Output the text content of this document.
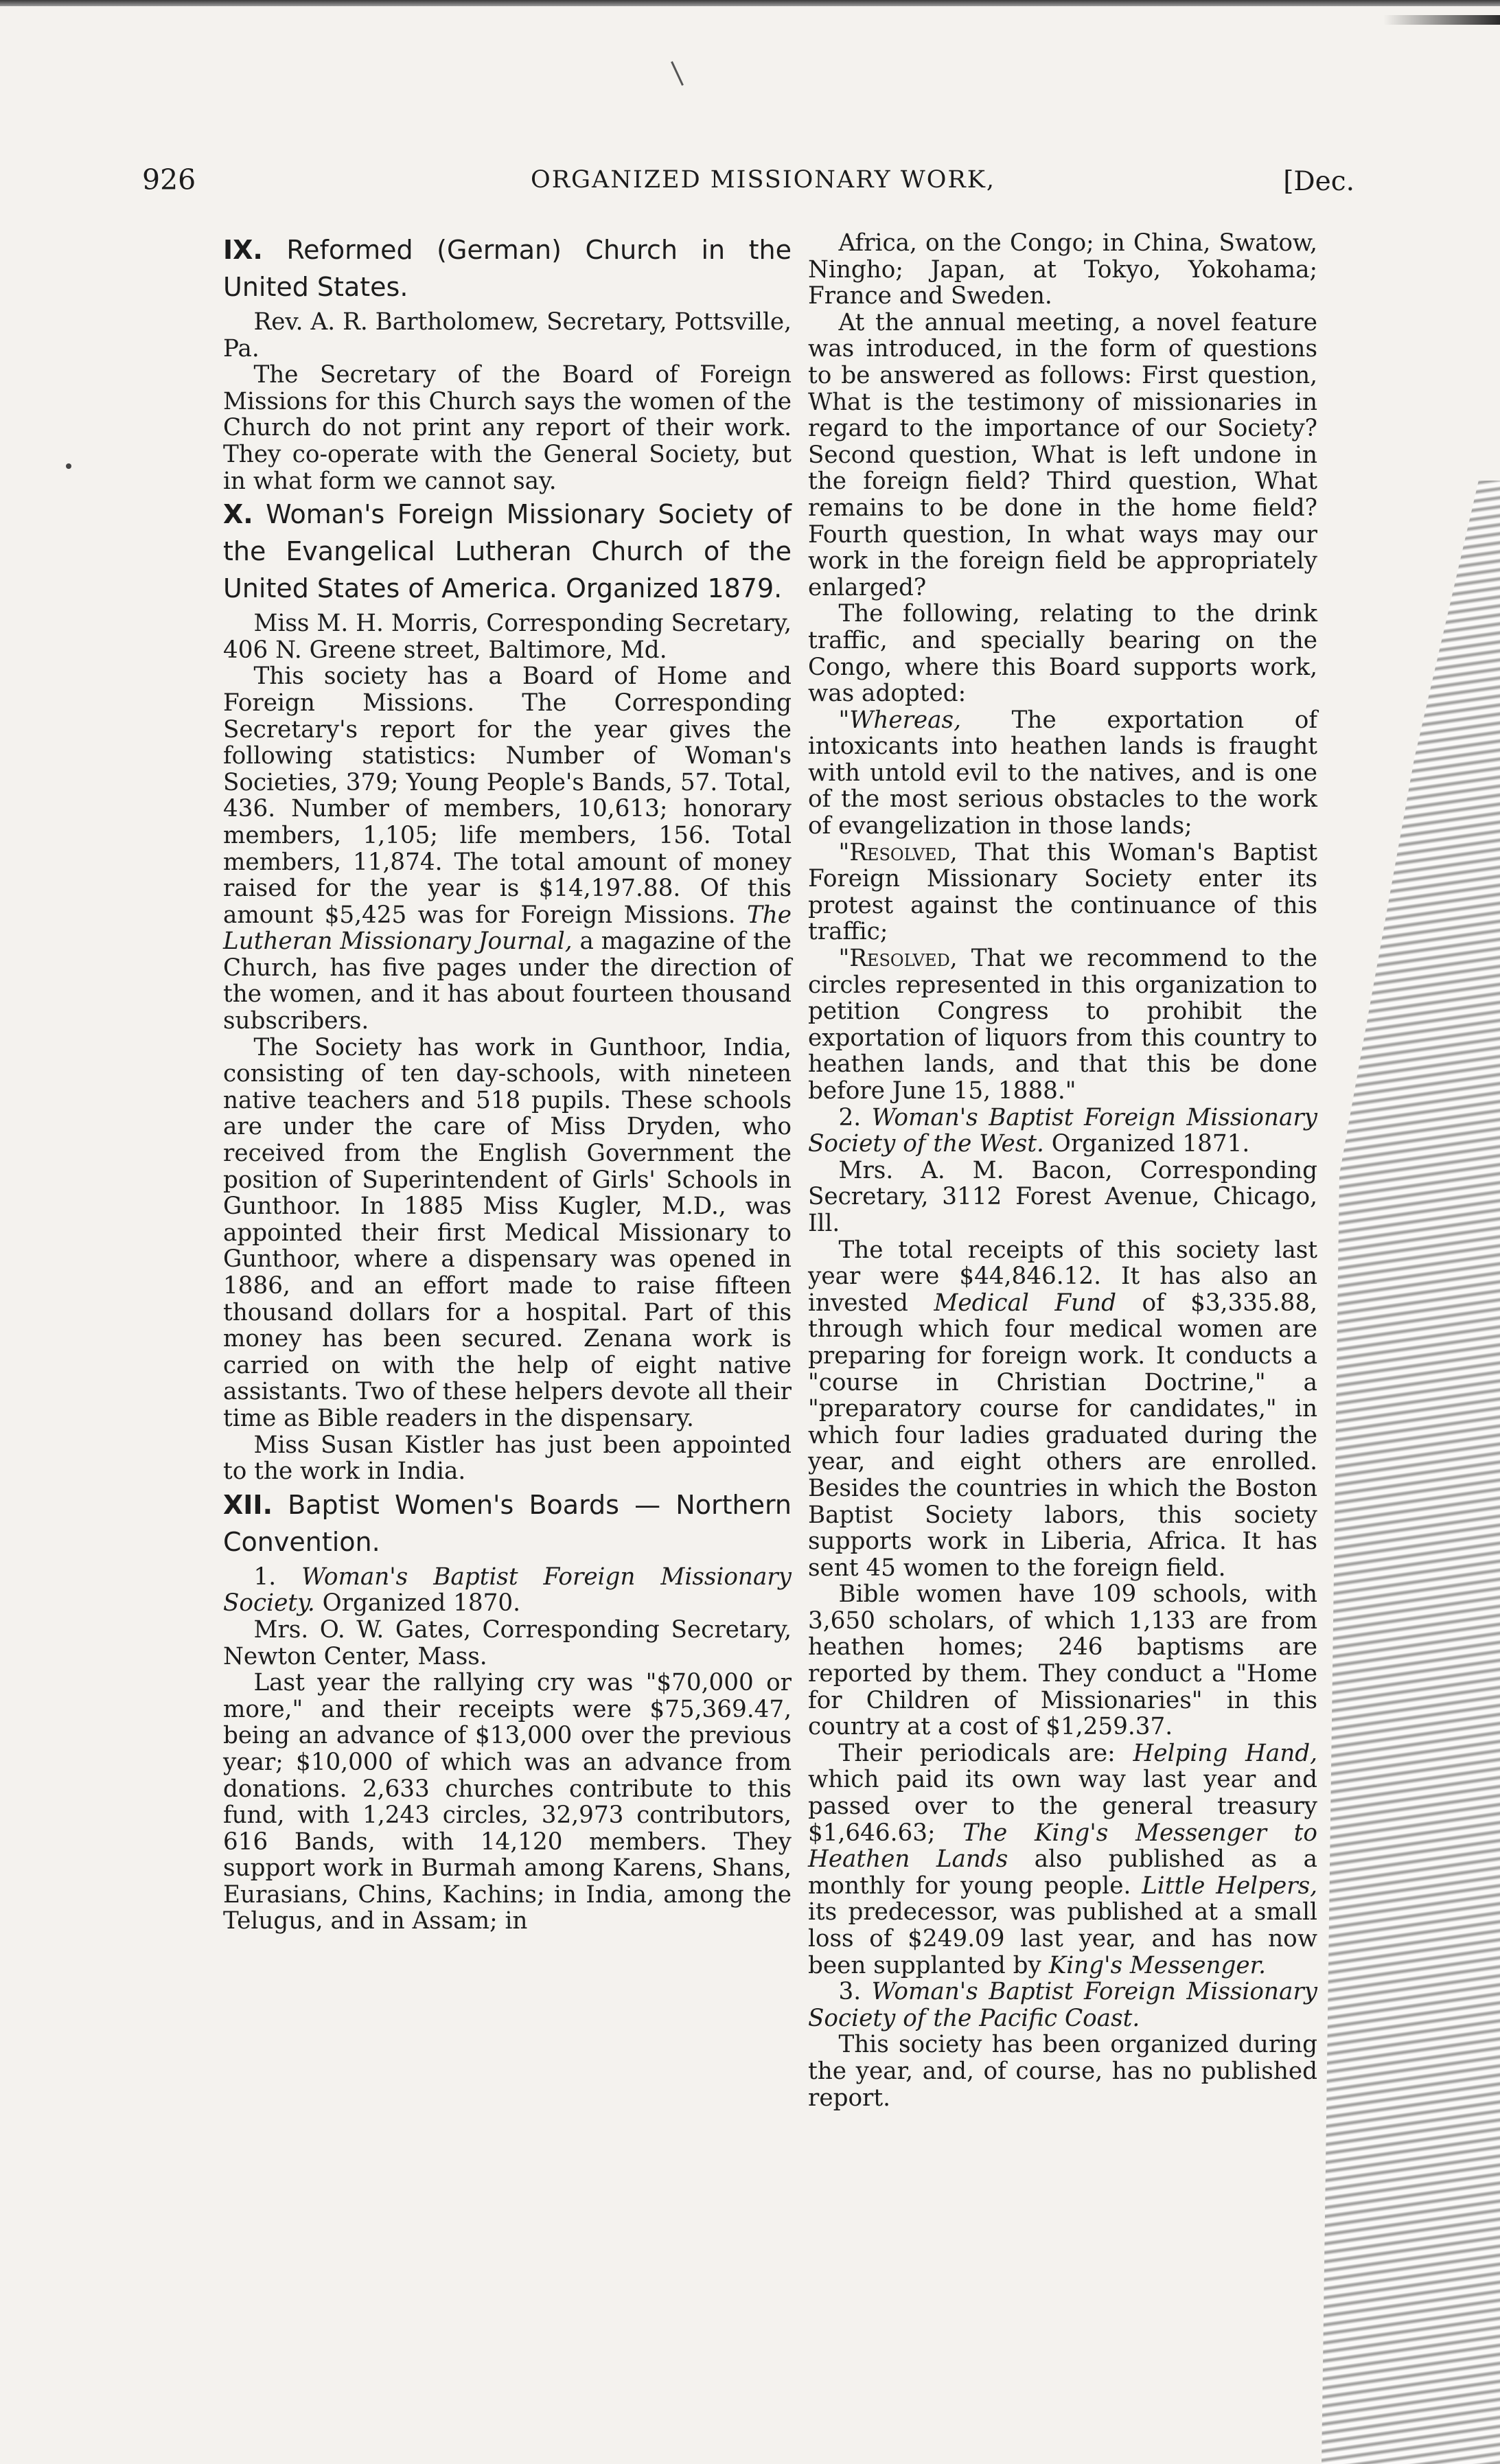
926	ORGANIZED MISSIONARY WORK,	[Dec.
IX. Reformed (German) Church in the United States.

Rev. A. R. Bartholomew, Secretary, Pottsville, Pa.

The Secretary of the Board of Foreign Missions for this Church says the women of the Church do not print any report of their work. They co-operate with the General Society, but in what form we cannot say.

X. Woman's Foreign Missionary Society of the Evangelical Lutheran Church of the United States of America. Organized 1879.

Miss M. H. Morris, Corresponding Secretary, 406 N. Greene street, Baltimore, Md.

This society has a Board of Home and Foreign Missions. The Corresponding Secretary's report for the year gives the following statistics: Number of Woman's Societies, 379; Young People's Bands, 57. Total, 436. Number of members, 10,613; honorary members, 1,105; life members, 156. Total members, 11,874. The total amount of money raised for the year is $14,197.88. Of this amount $5,425 was for Foreign Missions. The Lutheran Missionary Journal, a magazine of the Church, has five pages under the direction of the women, and it has about fourteen thousand subscribers.

The Society has work in Gunthoor, India, consisting of ten day-schools, with nineteen native teachers and 518 pupils. These schools are under the care of Miss Dryden, who received from the English Government the position of Superintendent of Girls' Schools in Gunthoor. In 1885 Miss Kugler, M.D., was appointed their first Medical Missionary to Gunthoor, where a dispensary was opened in 1886, and an effort made to raise fifteen thousand dollars for a hospital. Part of this money has been secured. Zenana work is carried on with the help of eight native assistants. Two of these helpers devote all their time as Bible readers in the dispensary.

Miss Susan Kistler has just been appointed to the work in India.

XII. Baptist Women's Boards — Northern Convention.

1. Woman's Baptist Foreign Missionary Society. Organized 1870.

Mrs. O. W. Gates, Corresponding Secretary, Newton Center, Mass.

Last year the rallying cry was "$70,000 or more," and their receipts were $75,369.47, being an advance of $13,000 over the previous year; $10,000 of which was an advance from donations. 2,633 churches contribute to this fund, with 1,243 circles, 32,973 contributors, 616 Bands, with 14,120 members. They support work in Burmah among Karens, Shans, Eurasians, Chins, Kachins; in India, among the Telugus, and in Assam; in

Africa, on the Congo; in China, Swatow, Ningho; Japan, at Tokyo, Yokohama; France and Sweden.

At the annual meeting, a novel feature was introduced, in the form of questions to be answered as follows: First question, What is the testimony of missionaries in regard to the importance of our Society? Second question, What is left undone in the foreign field? Third question, What remains to be done in the home field? Fourth question, In what ways may our work in the foreign field be appropriately enlarged?

The following, relating to the drink traffic, and specially bearing on the Congo, where this Board supports work, was adopted:

"Whereas, The exportation of intoxicants into heathen lands is fraught with untold evil to the natives, and is one of the most serious obstacles to the work of evangelization in those lands;

"Resolved, That this Woman's Baptist Foreign Missionary Society enter its protest against the continuance of this traffic;

"Resolved, That we recommend to the circles represented in this organization to petition Congress to prohibit the exportation of liquors from this country to heathen lands, and that this be done before June 15, 1888."

2. Woman's Baptist Foreign Missionary Society of the West. Organized 1871.

Mrs. A. M. Bacon, Corresponding Secretary, 3112 Forest Avenue, Chicago, Ill.

The total receipts of this society last year were $44,846.12. It has also an invested Medical Fund of $3,335.88, through which four medical women are preparing for foreign work. It conducts a "course in Christian Doctrine," a "preparatory course for candidates," in which four ladies graduated during the year, and eight others are enrolled. Besides the countries in which the Boston Baptist Society labors, this society supports work in Liberia, Africa. It has sent 45 women to the foreign field.

Bible women have 109 schools, with 3,650 scholars, of which 1,133 are from heathen homes; 246 baptisms are reported by them. They conduct a "Home for Children of Missionaries" in this country at a cost of $1,259.37.

Their periodicals are: Helping Hand, which paid its own way last year and passed over to the general treasury $1,646.63; The King's Messenger to Heathen Lands also published as a monthly for young people. Little Helpers, its predecessor, was published at a small loss of $249.09 last year, and has now been supplanted by King's Messenger.

3. Woman's Baptist Foreign Missionary Society of the Pacific Coast.

This society has been organized during the year, and, of course, has no published report.
